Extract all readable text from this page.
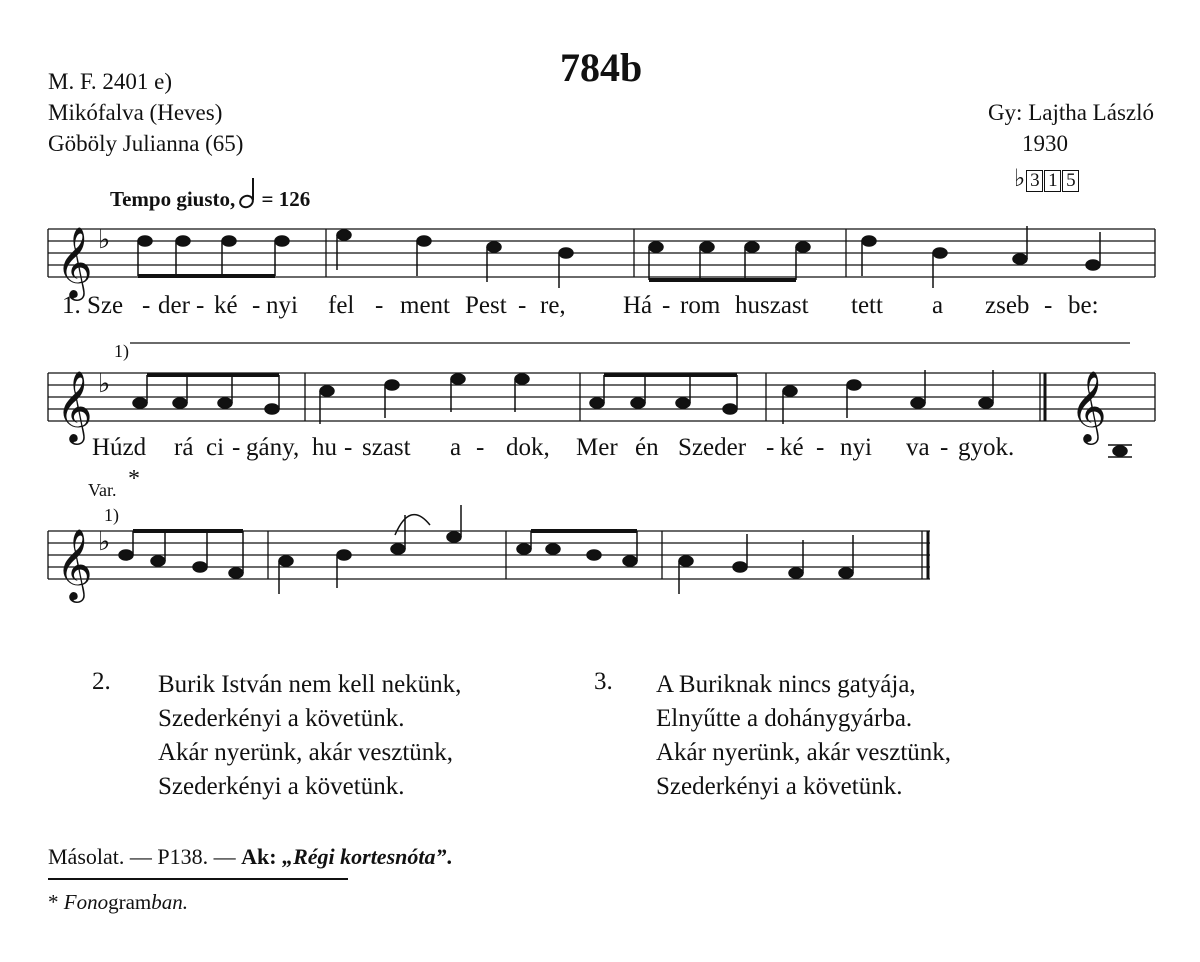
784b
M. F. 2401 e)
Mikófalva (Heves)
Göböly Julianna (65)
Gy: Lajtha László
1930
♭ 3 1 5
Tempo giusto, = 126
𝄞
𝄞
𝄞
𝄞
♭
♭
♭
1. Sze - der - ké - nyi fel - ment Pest - re, Há - rom huszast tett a zseb - be:
1)
Húzd rá ci - gány, hu - szast a - dok, Mer én Szeder - ké - nyi va - gyok.
Var. *
1)
2. Burik István nem kell nekünk,
Szederkényi a követünk.
Akár nyerünk, akár vesztünk,
Szederkényi a követünk.
3. A Buriknak nincs gatyája,
Elnyűtte a dohánygyárba.
Akár nyerünk, akár vesztünk,
Szederkényi a követünk.
Másolat. — P138. — Ak: „Régi kortesnóta”.
* Fonogramban.
